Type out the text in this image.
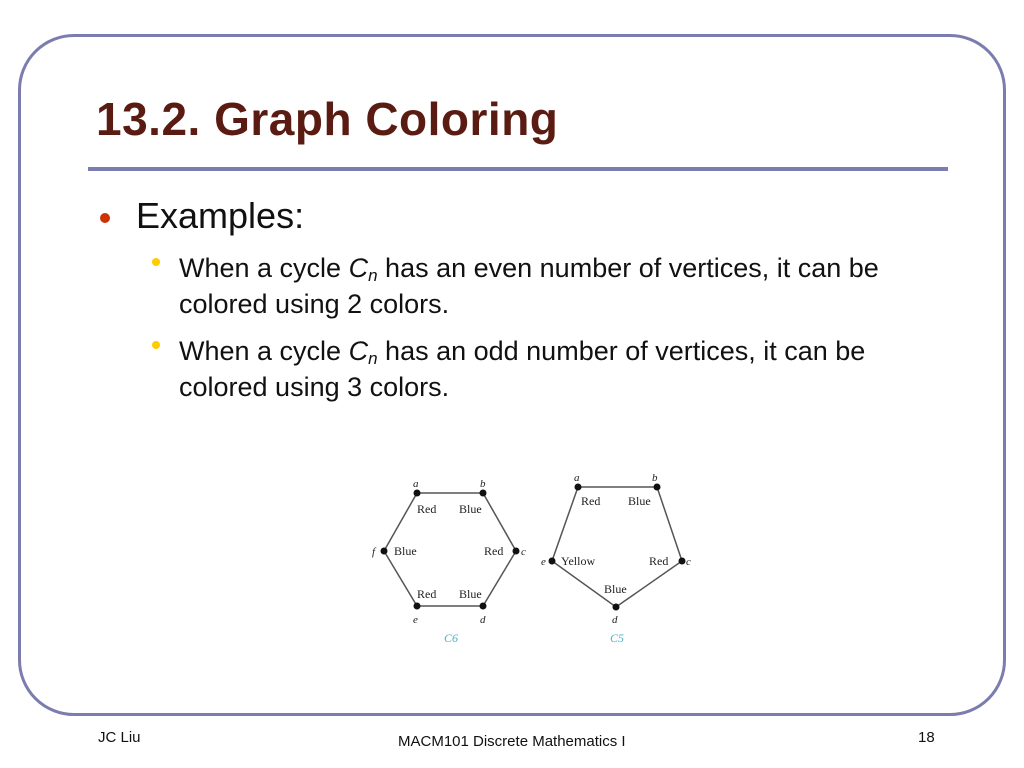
13.2. Graph Coloring
Examples:
When a cycle $C_n$ has an even number of vertices, it can be colored using 2 colors.
When a cycle $C_n$ has an odd number of vertices, it can be colored using 3 colors.
a	b
c
d
e
f
Red Blue
Red
Blue
Red
Blue
C6
a	b
c
d
e
Red Blue
Red
Blue
Yellow
C5
JC Liu	MACM101 Discrete Mathematics I	18
